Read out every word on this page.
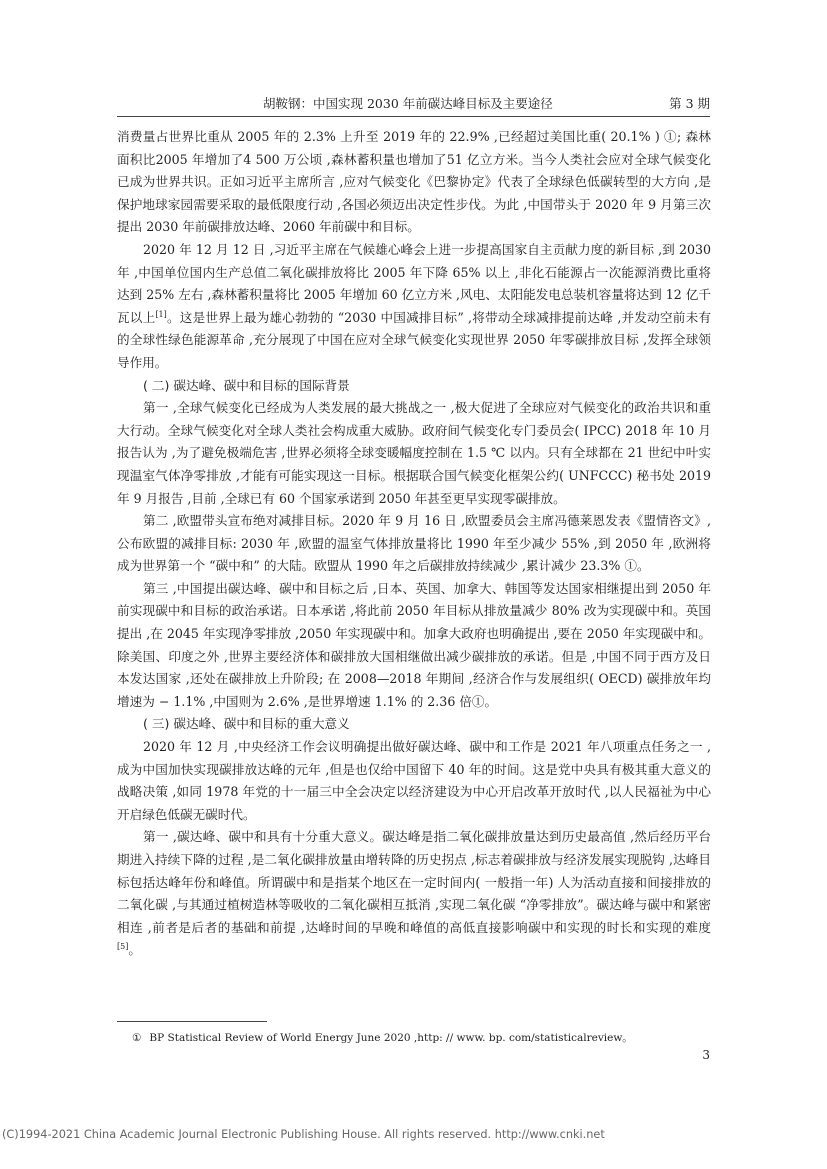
胡鞍钢：中国实现 2030 年前碳达峰目标及主要途径	第 3 期

消费量占世界比重从 2005 年的 2.3% 上升至 2019 年的 22.9% ,已经超过美国比重( 20.1% ) ①; 森林面积比2005 年增加了4 500 万公顷 ,森林蓄积量也增加了51 亿立方米。当今人类社会应对全球气候变化已成为世界共识。正如习近平主席所言 ,应对气候变化《巴黎协定》代表了全球绿色低碳转型的大方向 ,是保护地球家园需要采取的最低限度行动 ,各国必须迈出决定性步伐。为此 ,中国带头于 2020 年 9 月第三次提出 2030 年前碳排放达峰、2060 年前碳中和目标。

2020 年 12 月 12 日 ,习近平主席在气候雄心峰会上进一步提高国家自主贡献力度的新目标 ,到 2030 年 ,中国单位国内生产总值二氧化碳排放将比 2005 年下降 65% 以上 ,非化石能源占一次能源消费比重将达到 25% 左右 ,森林蓄积量将比 2005 年增加 60 亿立方米 ,风电、太阳能发电总装机容量将达到 12 亿千瓦以上[1]。这是世界上最为雄心勃勃的 “2030 中国减排目标” ,将带动全球减排提前达峰 ,并发动空前未有的全球性绿色能源革命 ,充分展现了中国在应对全球气候变化实现世界 2050 年零碳排放目标 ,发挥全球领导作用。

( 二) 碳达峰、碳中和目标的国际背景

第一 ,全球气候变化已经成为人类发展的最大挑战之一 ,极大促进了全球应对气候变化的政治共识和重大行动。全球气候变化对全球人类社会构成重大威胁。政府间气候变化专门委员会( IPCC) 2018 年 10 月报告认为 ,为了避免极端危害 ,世界必须将全球变暖幅度控制在 1.5 ℃ 以内。只有全球都在 21 世纪中叶实现温室气体净零排放 ,才能有可能实现这一目标。根据联合国气候变化框架公约( UNFCCC) 秘书处 2019 年 9 月报告 ,目前 ,全球已有 60 个国家承诺到 2050 年甚至更早实现零碳排放。

第二 ,欧盟带头宣布绝对减排目标。2020 年 9 月 16 日 ,欧盟委员会主席冯德莱恩发表《盟情咨文》,公布欧盟的减排目标: 2030 年 ,欧盟的温室气体排放量将比 1990 年至少减少 55% ,到 2050 年 ,欧洲将成为世界第一个 “碳中和” 的大陆。欧盟从 1990 年之后碳排放持续减少 ,累计减少 23.3% ①。

第三 ,中国提出碳达峰、碳中和目标之后 ,日本、英国、加拿大、韩国等发达国家相继提出到 2050 年前实现碳中和目标的政治承诺。日本承诺 ,将此前 2050 年目标从排放量减少 80% 改为实现碳中和。英国提出 ,在 2045 年实现净零排放 ,2050 年实现碳中和。加拿大政府也明确提出 ,要在 2050 年实现碳中和。除美国、印度之外 ,世界主要经济体和碳排放大国相继做出减少碳排放的承诺。但是 ,中国不同于西方及日本发达国家 ,还处在碳排放上升阶段; 在 2008—2018 年期间 ,经济合作与发展组织( OECD) 碳排放年均增速为 − 1.1% ,中国则为 2.6% ,是世界增速 1.1% 的 2.36 倍①。

( 三) 碳达峰、碳中和目标的重大意义

2020 年 12 月 ,中央经济工作会议明确提出做好碳达峰、碳中和工作是 2021 年八项重点任务之一 ,成为中国加快实现碳排放达峰的元年 ,但是也仅给中国留下 40 年的时间。这是党中央具有极其重大意义的战略决策 ,如同 1978 年党的十一届三中全会决定以经济建设为中心开启改革开放时代 ,以人民福祉为中心开启绿色低碳无碳时代。

第一 ,碳达峰、碳中和具有十分重大意义。碳达峰是指二氧化碳排放量达到历史最高值 ,然后经历平台期进入持续下降的过程 ,是二氧化碳排放量由增转降的历史拐点 ,标志着碳排放与经济发展实现脱钩 ,达峰目标包括达峰年份和峰值。所谓碳中和是指某个地区在一定时间内( 一般指一年) 人为活动直接和间接排放的二氧化碳 ,与其通过植树造林等吸收的二氧化碳相互抵消 ,实现二氧化碳 “净零排放”。碳达峰与碳中和紧密相连 ,前者是后者的基础和前提 ,达峰时间的早晚和峰值的高低直接影响碳中和实现的时长和实现的难度[5]。

① BP Statistical Review of World Energy June 2020 ,http: // www. bp. com/statisticalreview。
3
(C)1994-2021 China Academic Journal Electronic Publishing House. All rights reserved. http://www.cnki.net
